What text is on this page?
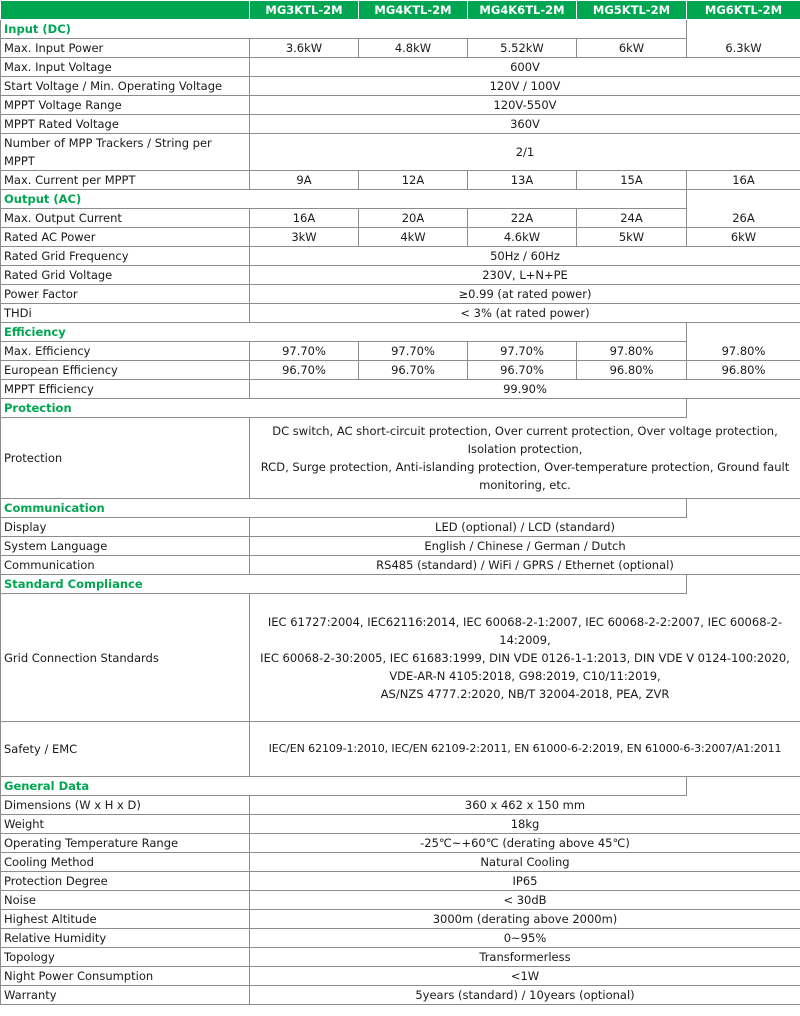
	MG3KTL-2M	MG4KTL-2M	MG4K6TL-2M	MG5KTL-2M	MG6KTL-2M
Input (DC)					
Max. Input Power	3.6kW	4.8kW	5.52kW	6kW	6.3kW
Max. Input Voltage	600V				
Start Voltage / Min. Operating Voltage	120V / 100V				
MPPT Voltage Range	120V-550V				
MPPT Rated Voltage	360V				
Number of MPP Trackers / String per MPPT	2/1				
Max. Current per MPPT	9A	12A	13A	15A	16A
Output (AC)					
Max. Output Current	16A	20A	22A	24A	26A
Rated AC Power	3kW	4kW	4.6kW	5kW	6kW
Rated Grid Frequency	50Hz / 60Hz				
Rated Grid Voltage	230V, L+N+PE				
Power Factor	≥0.99 (at rated power)				
THDi	< 3% (at rated power)				
Efficiency					
Max. Efficiency	97.70%	97.70%	97.70%	97.80%	97.80%
European Efficiency	96.70%	96.70%	96.70%	96.80%	96.80%
MPPT Efficiency	99.90%				
Protection					
Protection	DC switch, AC short-circuit protection, Over current protection, Over voltage protection,
Isolation protection,
RCD, Surge protection, Anti-islanding protection, Over-temperature protection, Ground fault
monitoring, etc.				

Communication					
Display	LED (optional) / LCD (standard)				
System Language	English / Chinese / German / Dutch				
Communication	RS485 (standard) / WiFi / GPRS / Ethernet (optional)				
Standard Compliance					
Grid Connection Standards	IEC 61727:2004, IEC62116:2014, IEC 60068-2-1:2007, IEC 60068-2-2:2007, IEC 60068-2-
14:2009,
IEC 60068-2-30:2005, IEC 61683:1999, DIN VDE 0126-1-1:2013, DIN VDE V 0124-100:2020,
VDE-AR-N 4105:2018, G98:2019, C10/11:2019,
AS/NZS 4777.2:2020, NB/T 32004-2018, PEA, ZVR				

Safety / EMC	IEC/EN 62109-1:2010, IEC/EN 62109-2:2011, EN 61000-6-2:2019, EN 61000-6-3:2007/A1:2011				
General Data					
Dimensions (W x H x D)	360 x 462 x 150 mm				
Weight	18kg				
Operating Temperature Range	-25℃~+60℃ (derating above 45℃)				
Cooling Method	Natural Cooling				
Protection Degree	IP65				
Noise	< 30dB				
Highest Altitude	3000m (derating above 2000m)				
Relative Humidity	0~95%				
Topology	Transformerless				
Night Power Consumption	<1W				
Warranty	5years (standard) / 10years (optional)				
